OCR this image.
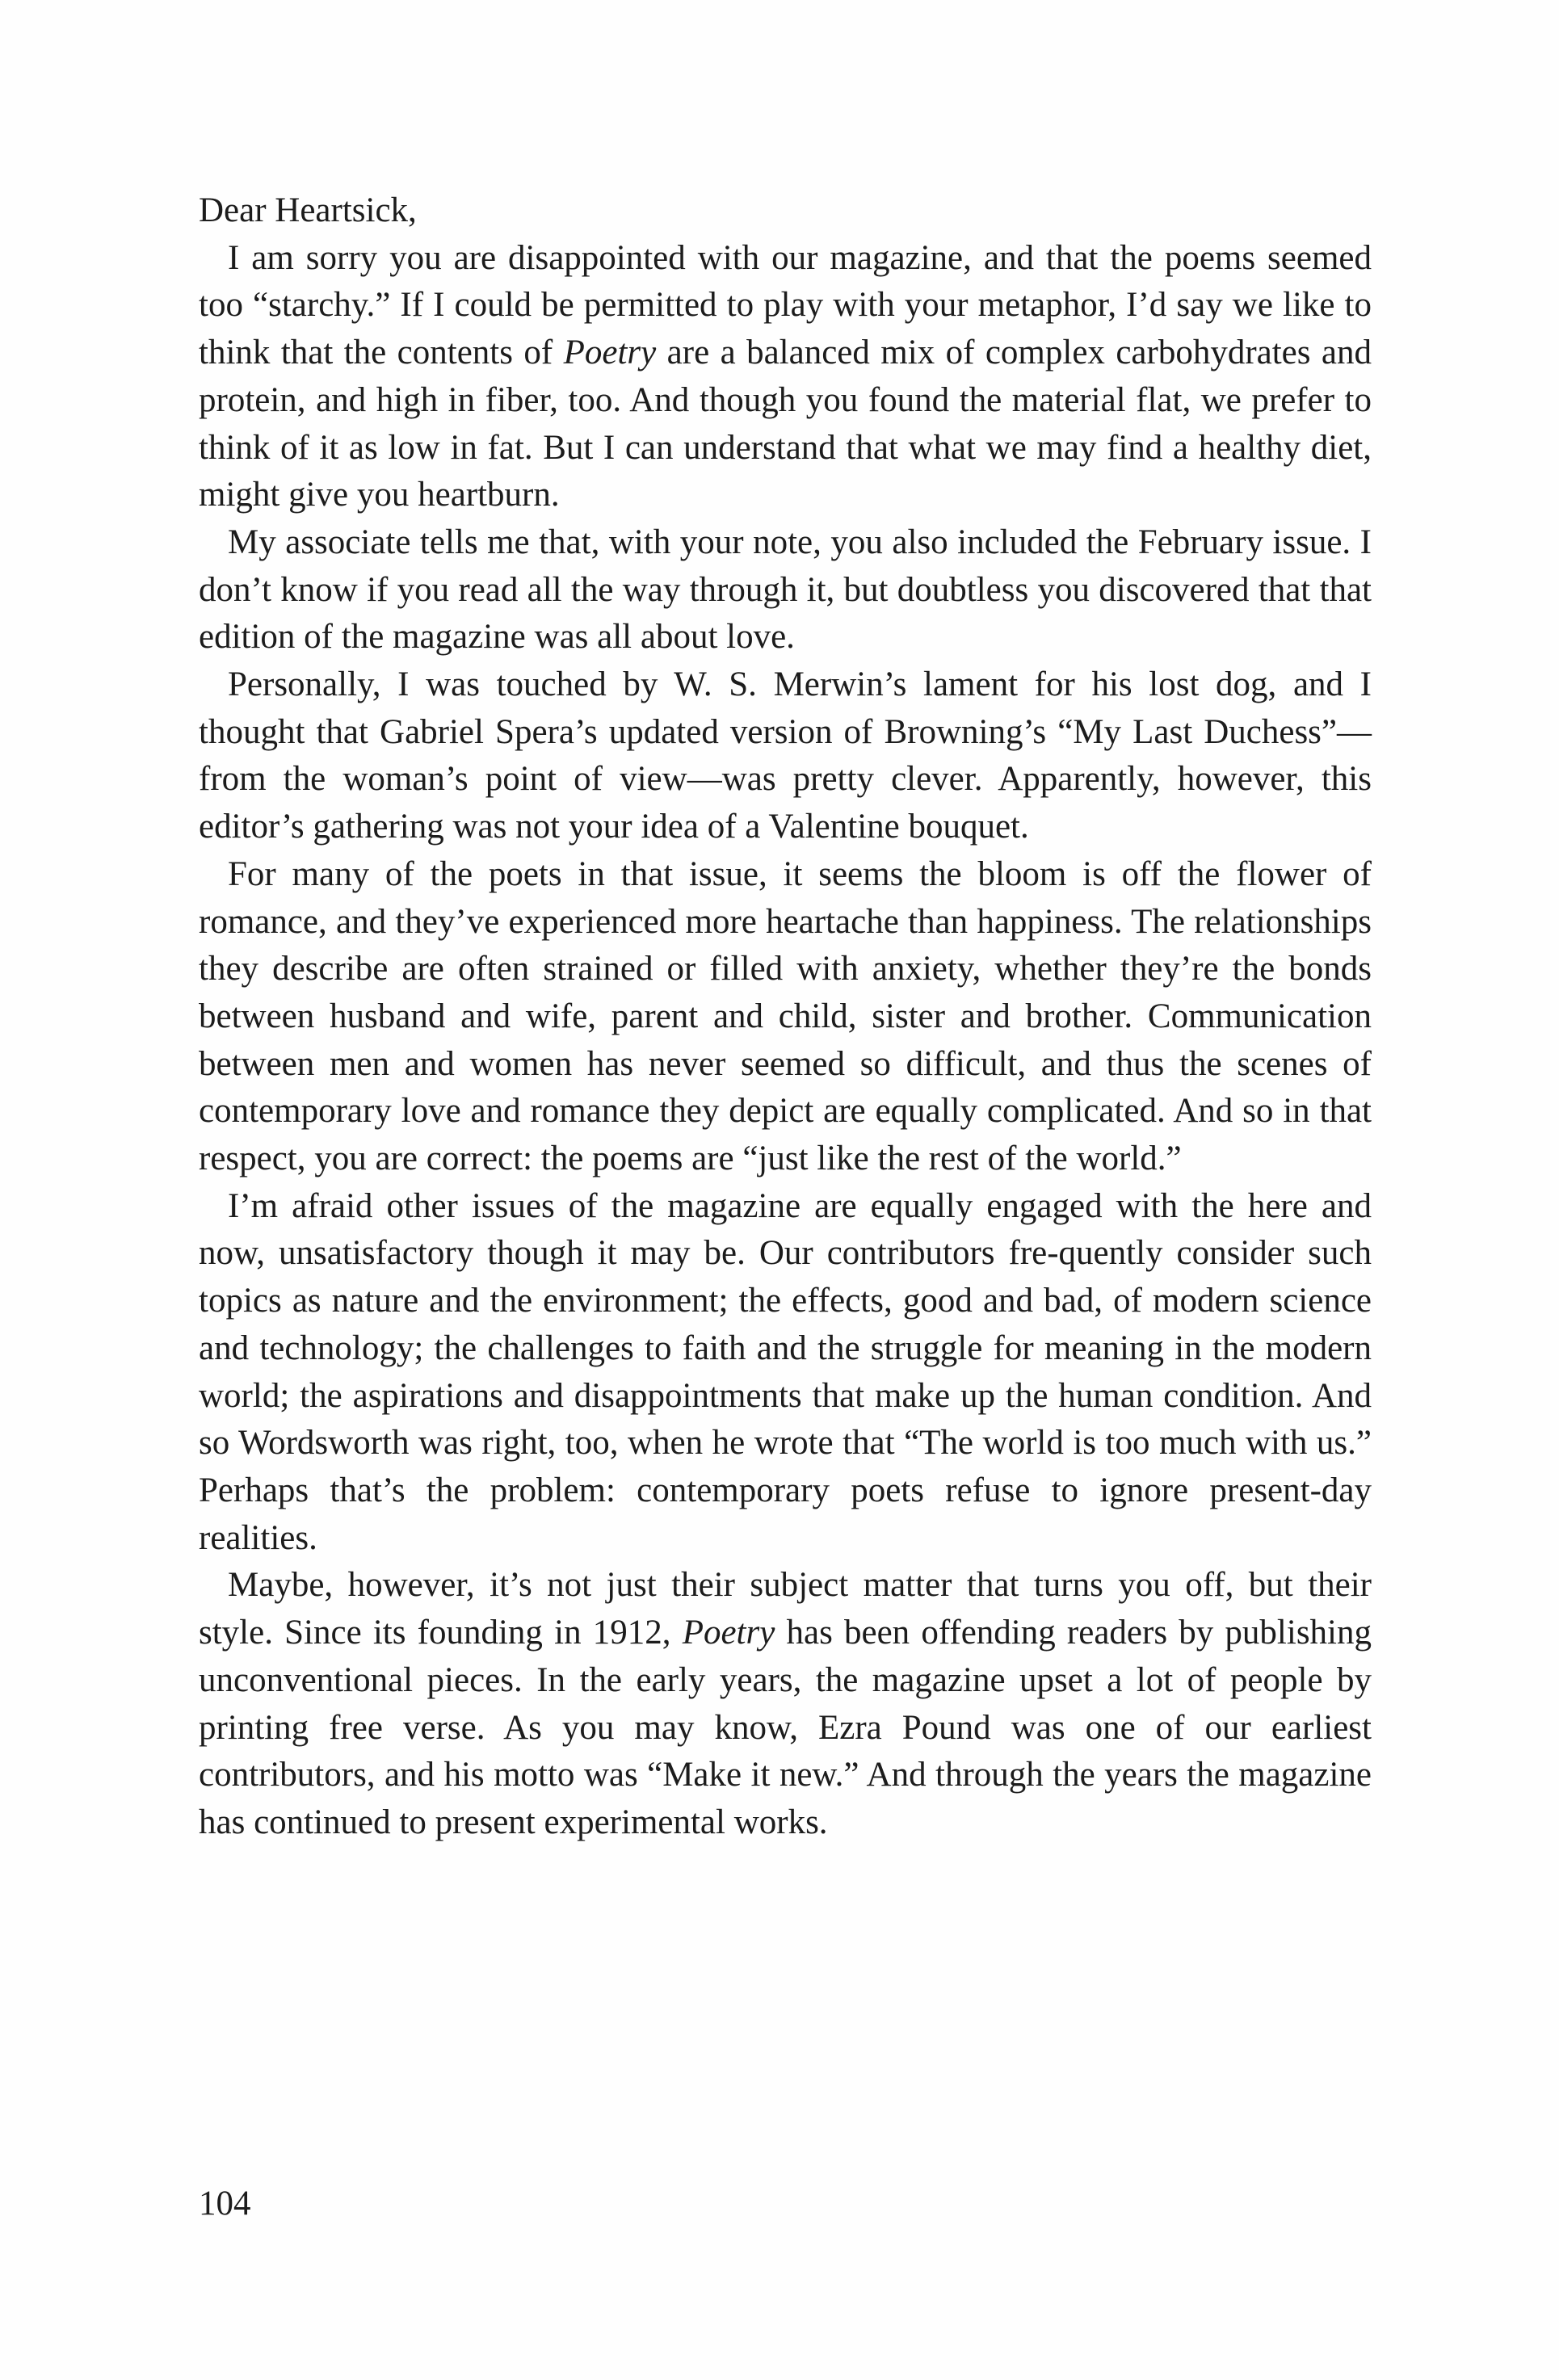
Dear Heartsick,

I am sorry you are disappointed with our magazine, and that the poems seemed too “starchy.” If I could be permitted to play with your metaphor, I’d say we like to think that the contents of Poetry are a balanced mix of complex carbohydrates and protein, and high in fiber, too. And though you found the material flat, we prefer to think of it as low in fat. But I can understand that what we may find a healthy diet, might give you heartburn.

My associate tells me that, with your note, you also included the February issue. I don’t know if you read all the way through it, but doubtless you discovered that that edition of the magazine was all about love.

Personally, I was touched by W. S. Merwin’s lament for his lost dog, and I thought that Gabriel Spera’s updated version of Browning’s “My Last Duchess”—from the woman’s point of view—was pretty clever. Apparently, however, this editor’s gathering was not your idea of a Valentine bouquet.

For many of the poets in that issue, it seems the bloom is off the flower of romance, and they’ve experienced more heartache than happiness. The relationships they describe are often strained or filled with anxiety, whether they’re the bonds between husband and wife, parent and child, sister and brother. Communication between men and women has never seemed so difficult, and thus the scenes of contemporary love and romance they depict are equally complicated. And so in that respect, you are correct: the poems are “just like the rest of the world.”

I’m afraid other issues of the magazine are equally engaged with the here and now, unsatisfactory though it may be. Our contributors fre-quently consider such topics as nature and the environment; the effects, good and bad, of modern science and technology; the challenges to faith and the struggle for meaning in the modern world; the aspirations and disappointments that make up the human condition. And so Wordsworth was right, too, when he wrote that “The world is too much with us.” Perhaps that’s the problem: contemporary poets refuse to ignore present-day realities.

Maybe, however, it’s not just their subject matter that turns you off, but their style. Since its founding in 1912, Poetry has been offending readers by publishing unconventional pieces. In the early years, the magazine upset a lot of people by printing free verse. As you may know, Ezra Pound was one of our earliest contributors, and his motto was “Make it new.” And through the years the magazine has continued to present experimental works.

104
